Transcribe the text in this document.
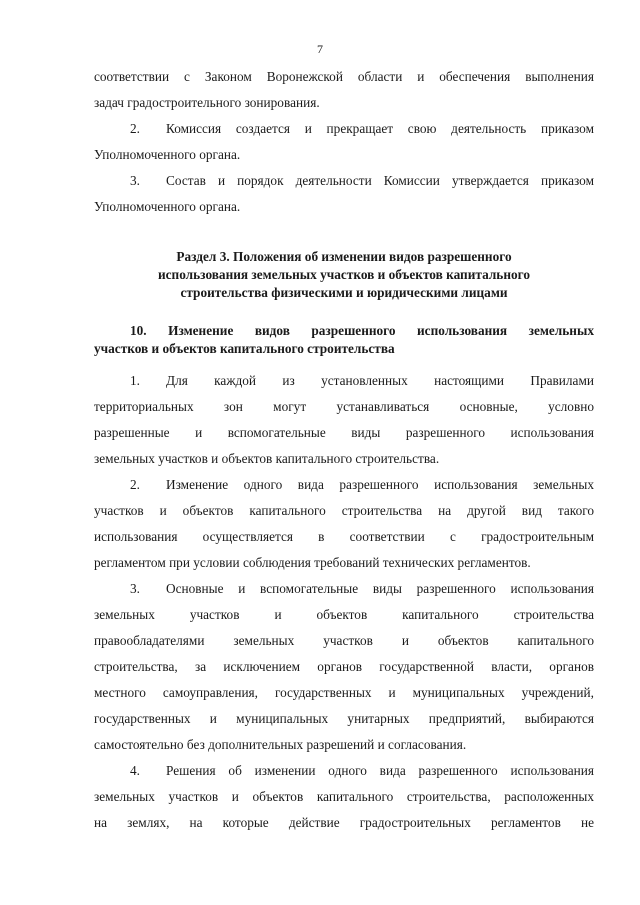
7
соответствии с Законом Воронежской области и обеспечения выполнения
задач градостроительного зонирования.
2. Комиссия создается и прекращает свою деятельность приказом
Уполномоченного органа.
3. Состав и порядок деятельности Комиссии утверждается приказом
Уполномоченного органа.
Раздел 3. Положения об изменении видов разрешенного
использования земельных участков и объектов капитального
строительства физическими и юридическими лицами
10. Изменение видов разрешенного использования земельных
участков и объектов капитального строительства
1. Для каждой из установленных настоящими Правилами
территориальных зон могут устанавливаться основные, условно
разрешенные и вспомогательные виды разрешенного использования
земельных участков и объектов капитального строительства.
2. Изменение одного вида разрешенного использования земельных
участков и объектов капитального строительства на другой вид такого
использования осуществляется в соответствии с градостроительным
регламентом при условии соблюдения требований технических регламентов.
3. Основные и вспомогательные виды разрешенного использования
земельных участков и объектов капитального строительства
правообладателями земельных участков и объектов капитального
строительства, за исключением органов государственной власти, органов
местного самоуправления, государственных и муниципальных учреждений,
государственных и муниципальных унитарных предприятий, выбираются
самостоятельно без дополнительных разрешений и согласования.
4. Решения об изменении одного вида разрешенного использования
земельных участков и объектов капитального строительства, расположенных
на землях, на которые действие градостроительных регламентов не
